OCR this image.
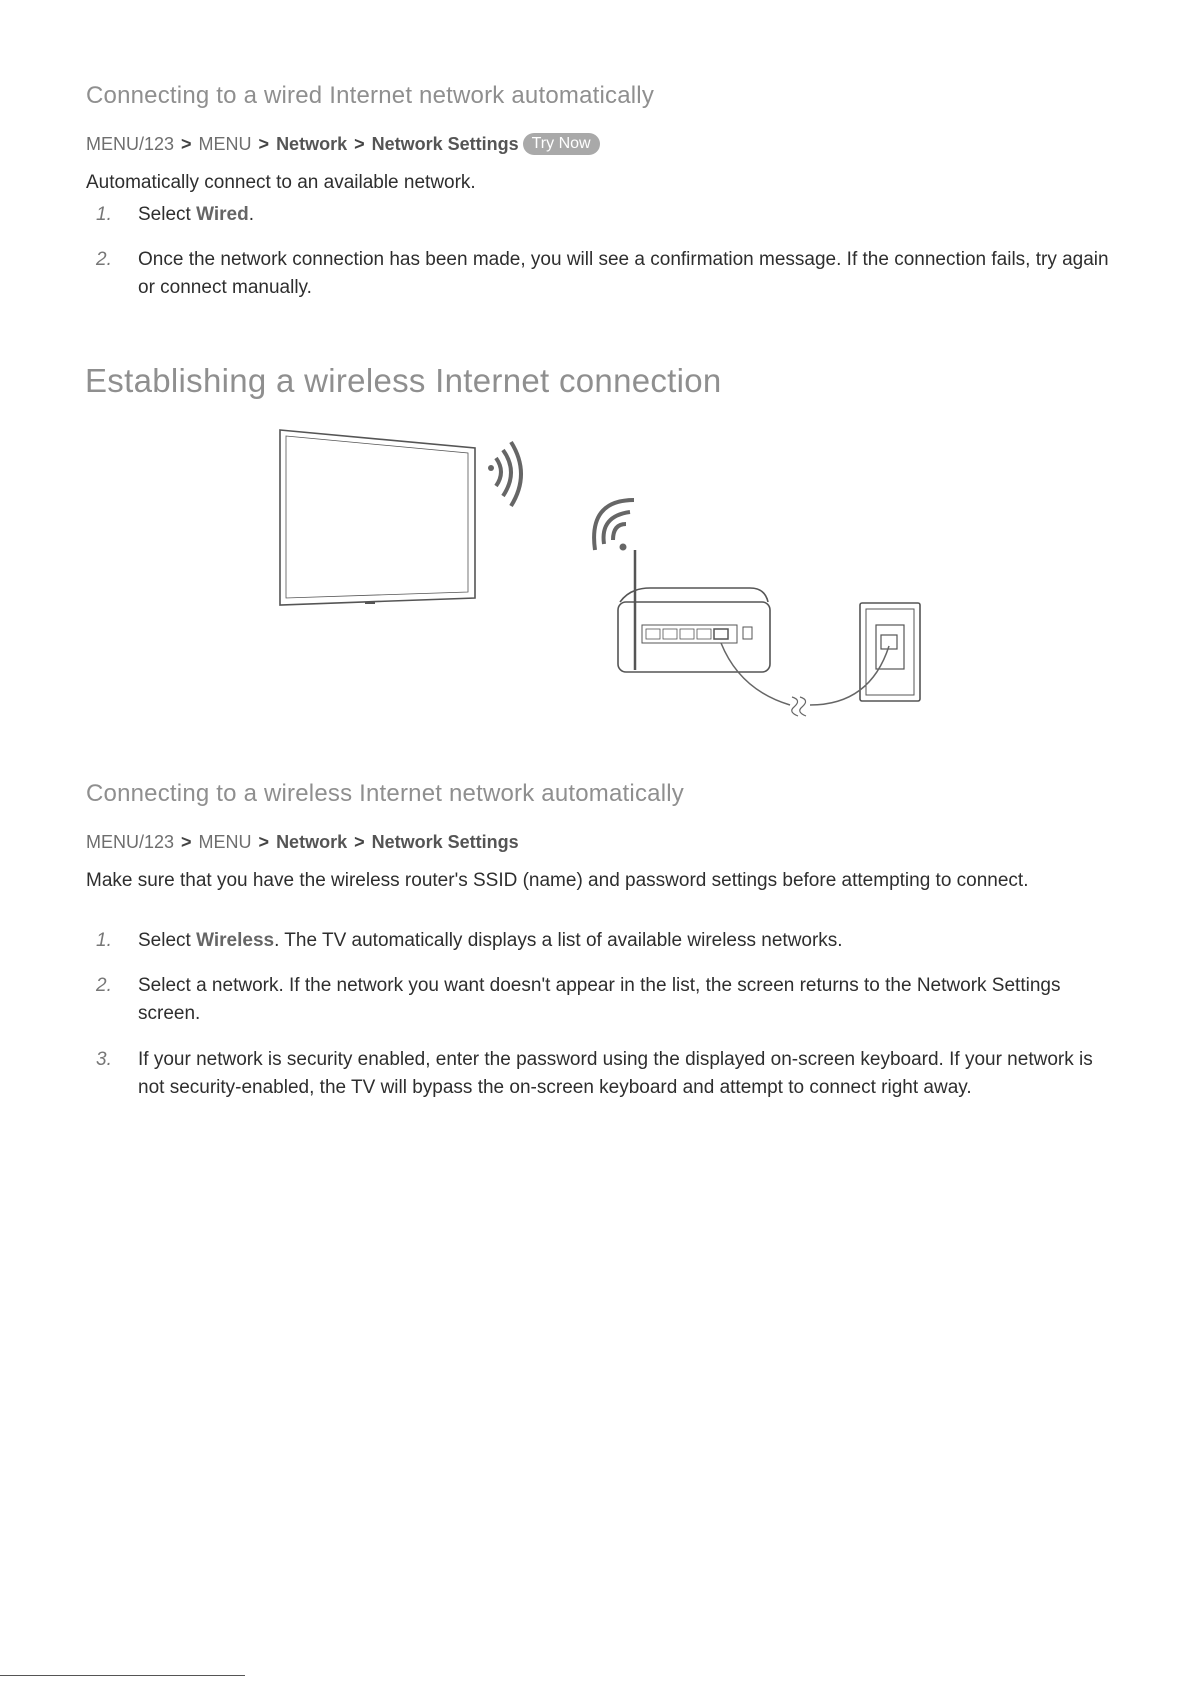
Connecting to a wired Internet network automatically
MENU/123 > MENU > Network > Network Settings Try Now

Automatically connect to an available network.

1.	Select Wired.
2.	Once the network connection has been made, you will see a confirmation message. If the connection fails, try again or connect manually.
Establishing a wireless Internet connection
Connecting to a wireless Internet network automatically
MENU/123 > MENU > Network > Network Settings

Make sure that you have the wireless router's SSID (name) and password settings before attempting to connect.

1.	Select Wireless. The TV automatically displays a list of available wireless networks.
2.	Select a network. If the network you want doesn't appear in the list, the screen returns to the Network Settings screen.
3.	If your network is security enabled, enter the password using the displayed on-screen keyboard. If your network is not security-enabled, the TV will bypass the on-screen keyboard and attempt to connect right away.
